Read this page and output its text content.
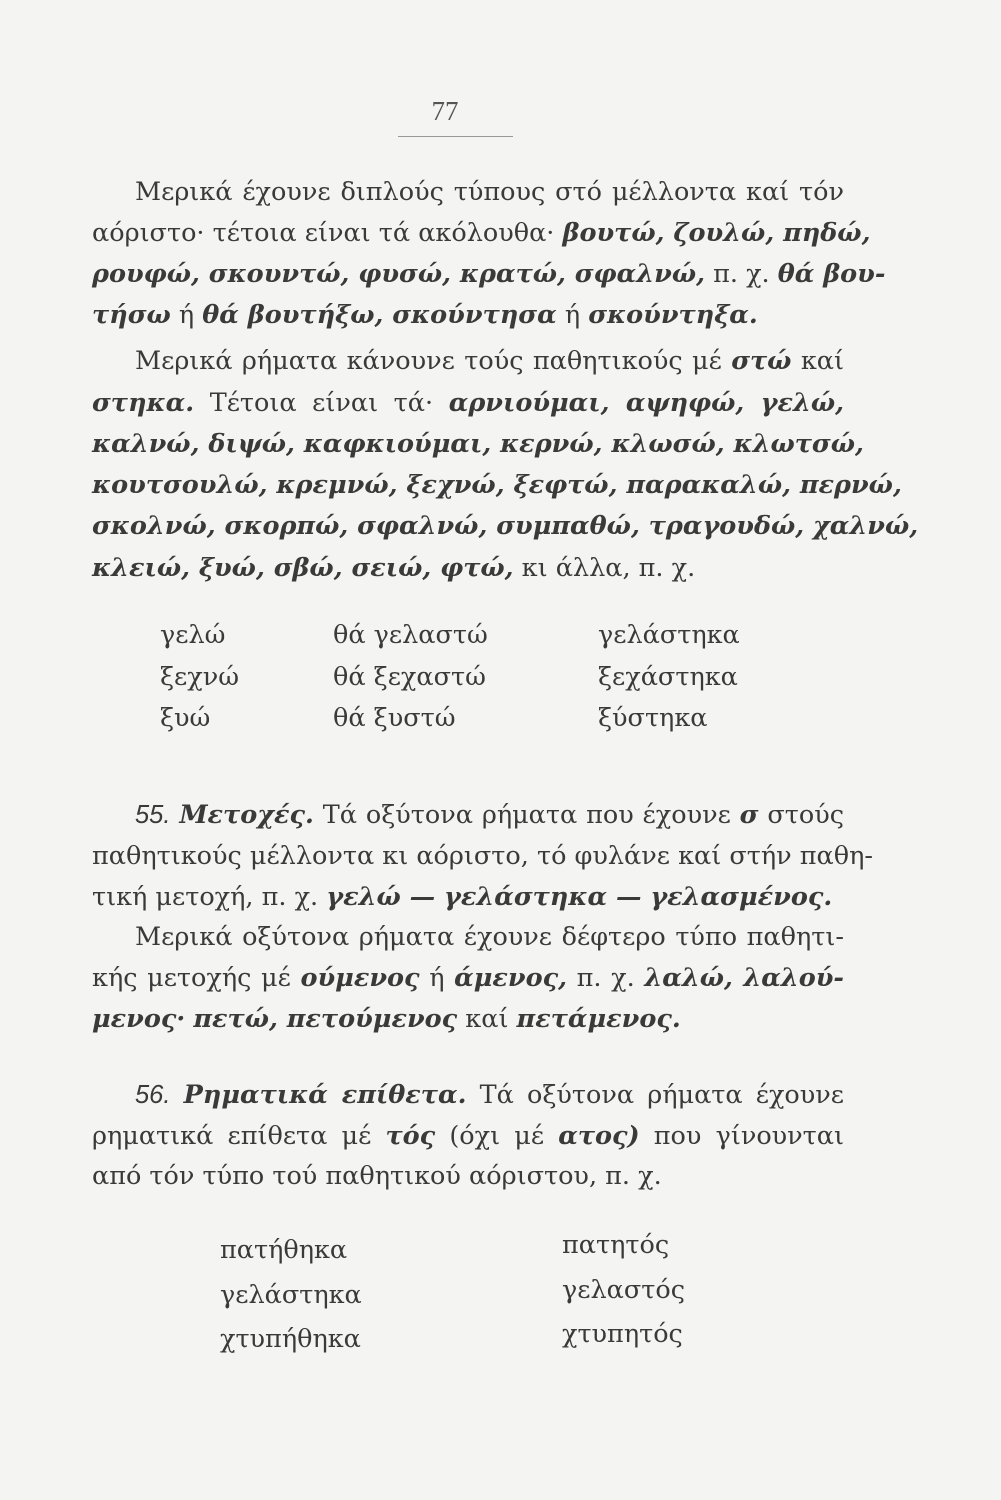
77
Μερικά έχουνε διπλούς τύπους στό μέλλοντα καί τόν
αόριστο· τέτοια είναι τά ακόλουθα· βουτώ, ζουλώ, πηδώ,
ρουφώ, σκουντώ, φυσώ, κρατώ, σφαλνώ, π. χ. θά βου-
τήσω ή θά βουτήξω, σκούντησα ή σκούντηξα.
Μερικά ρήματα κάνουνε τούς παθητικούς μέ στώ καί
στηκα. Τέτοια είναι τά· αρνιούμαι, αψηφώ, γελώ,
καλνώ, διψώ, καφκιούμαι, κερνώ, κλωσώ, κλωτσώ,
κουτσουλώ, κρεμνώ, ξεχνώ, ξεφτώ, παρακαλώ, περνώ,
σκολνώ, σκορπώ, σφαλνώ, συμπαθώ, τραγουδώ, χαλνώ,
κλειώ, ξυώ, σβώ, σειώ, φτώ, κι άλλα, π. χ.
γελώ	θά γελαστώ	γελάστηκα
ξεχνώ	θά ξεχαστώ	ξεχάστηκα
ξυώ	θά ξυστώ	ξύστηκα
55. Μετοχές. Τά οξύτονα ρήματα που έχουνε σ στούς
παθητικούς μέλλοντα κι αόριστο, τό φυλάνε καί στήν παθη-
τική μετοχή, π. χ. γελώ — γελάστηκα — γελασμένος.
Μερικά οξύτονα ρήματα έχουνε δέφτερο τύπο παθητι-
κής μετοχής μέ ούμενος ή άμενος, π. χ. λαλώ, λαλού-
μενος· πετώ, πετούμενος καί πετάμενος.
56. Ρηματικά επίθετα. Τά οξύτονα ρήματα έχουνε
ρηματικά επίθετα μέ τός (όχι μέ ατος) που γίνουνται
από τόν τύπο τού παθητικού αόριστου, π. χ.
πατήθηκα	πατητός
γελάστηκα	γελαστός
χτυπήθηκα	χτυπητός
